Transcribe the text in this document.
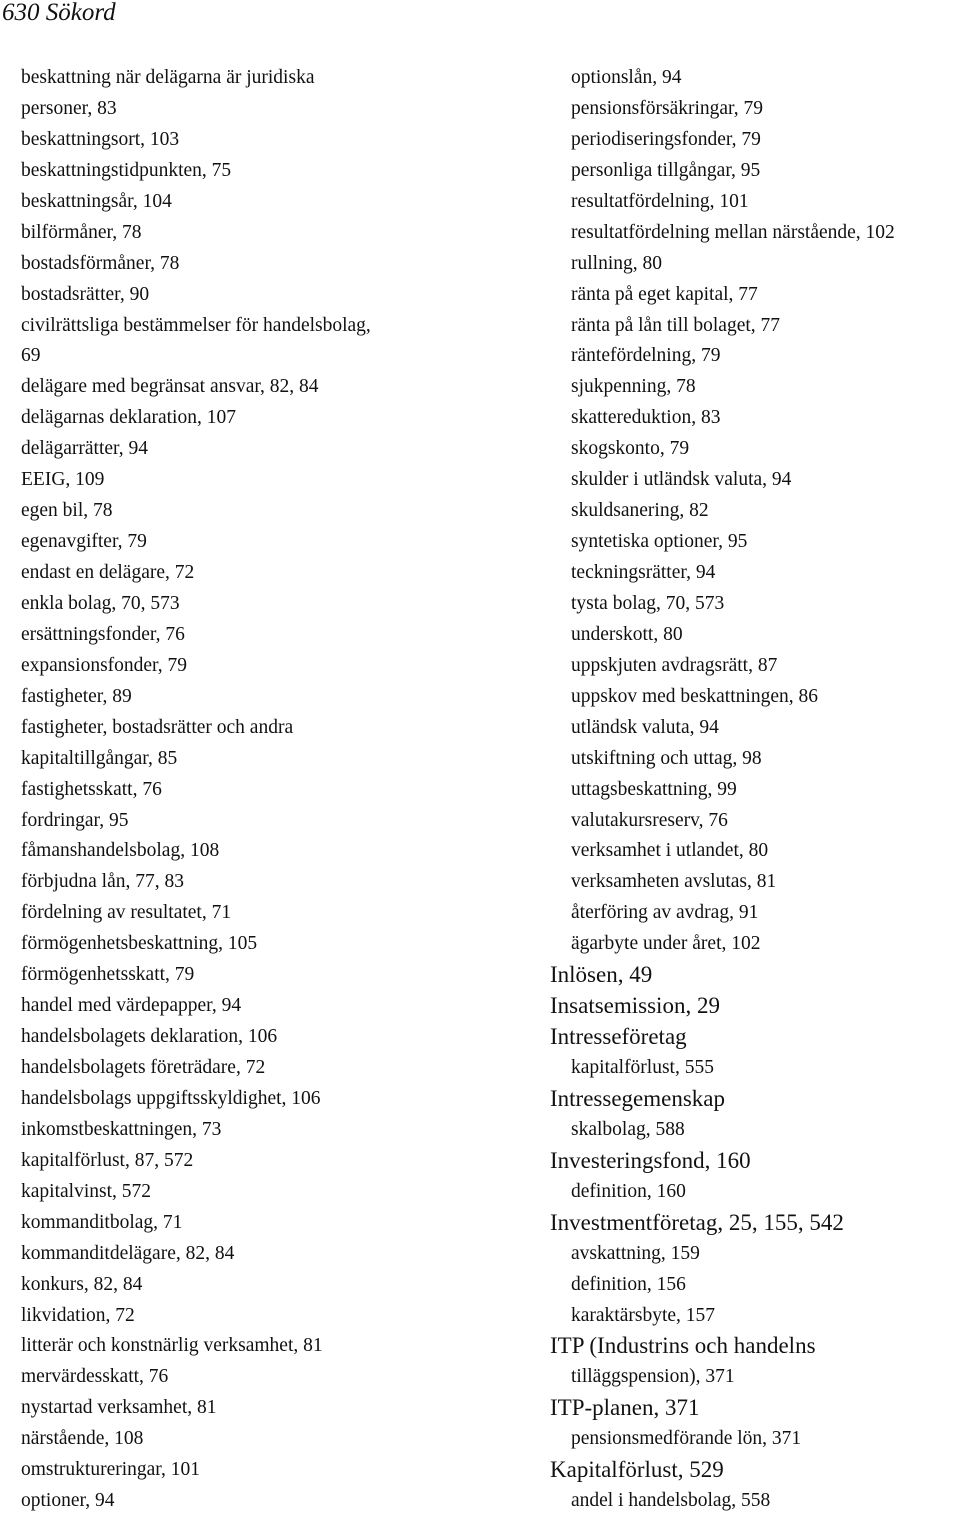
630 Sökord
beskattning när delägarna är juridiska
personer, 83
beskattningsort, 103
beskattningstidpunkten, 75
beskattningsår, 104
bilförmåner, 78
bostadsförmåner, 78
bostadsrätter, 90
civilrättsliga bestämmelser för handelsbolag,
69
delägare med begränsat ansvar, 82, 84
delägarnas deklaration, 107
delägarrätter, 94
EEIG, 109
egen bil, 78
egenavgifter, 79
endast en delägare, 72
enkla bolag, 70, 573
ersättningsfonder, 76
expansionsfonder, 79
fastigheter, 89
fastigheter, bostadsrätter och andra
kapitaltillgångar, 85
fastighetsskatt, 76
fordringar, 95
fåmanshandelsbolag, 108
förbjudna lån, 77, 83
fördelning av resultatet, 71
förmögenhetsbeskattning, 105
förmögenhetsskatt, 79
handel med värdepapper, 94
handelsbolagets deklaration, 106
handelsbolagets företrädare, 72
handelsbolags uppgiftsskyldighet, 106
inkomstbeskattningen, 73
kapitalförlust, 87, 572
kapitalvinst, 572
kommanditbolag, 71
kommanditdelägare, 82, 84
konkurs, 82, 84
likvidation, 72
litterär och konstnärlig verksamhet, 81
mervärdesskatt, 76
nystartad verksamhet, 81
närstående, 108
omstruktureringar, 101
optioner, 94
optionslån, 94
pensionsförsäkringar, 79
periodiseringsfonder, 79
personliga tillgångar, 95
resultatfördelning, 101
resultatfördelning mellan närstående, 102
rullning, 80
ränta på eget kapital, 77
ränta på lån till bolaget, 77
räntefördelning, 79
sjukpenning, 78
skattereduktion, 83
skogskonto, 79
skulder i utländsk valuta, 94
skuldsanering, 82
syntetiska optioner, 95
teckningsrätter, 94
tysta bolag, 70, 573
underskott, 80
uppskjuten avdragsrätt, 87
uppskov med beskattningen, 86
utländsk valuta, 94
utskiftning och uttag, 98
uttagsbeskattning, 99
valutakursreserv, 76
verksamhet i utlandet, 80
verksamheten avslutas, 81
återföring av avdrag, 91
ägarbyte under året, 102
Inlösen, 49
Insatsemission, 29
Intresseföretag
kapitalförlust, 555
Intressegemenskap
skalbolag, 588
Investeringsfond, 160
definition, 160
Investmentföretag, 25, 155, 542
avskattning, 159
definition, 156
karaktärsbyte, 157
ITP (Industrins och handelns
tilläggspension), 371
ITP-planen, 371
pensionsmedförande lön, 371
Kapitalförlust, 529
andel i handelsbolag, 558
